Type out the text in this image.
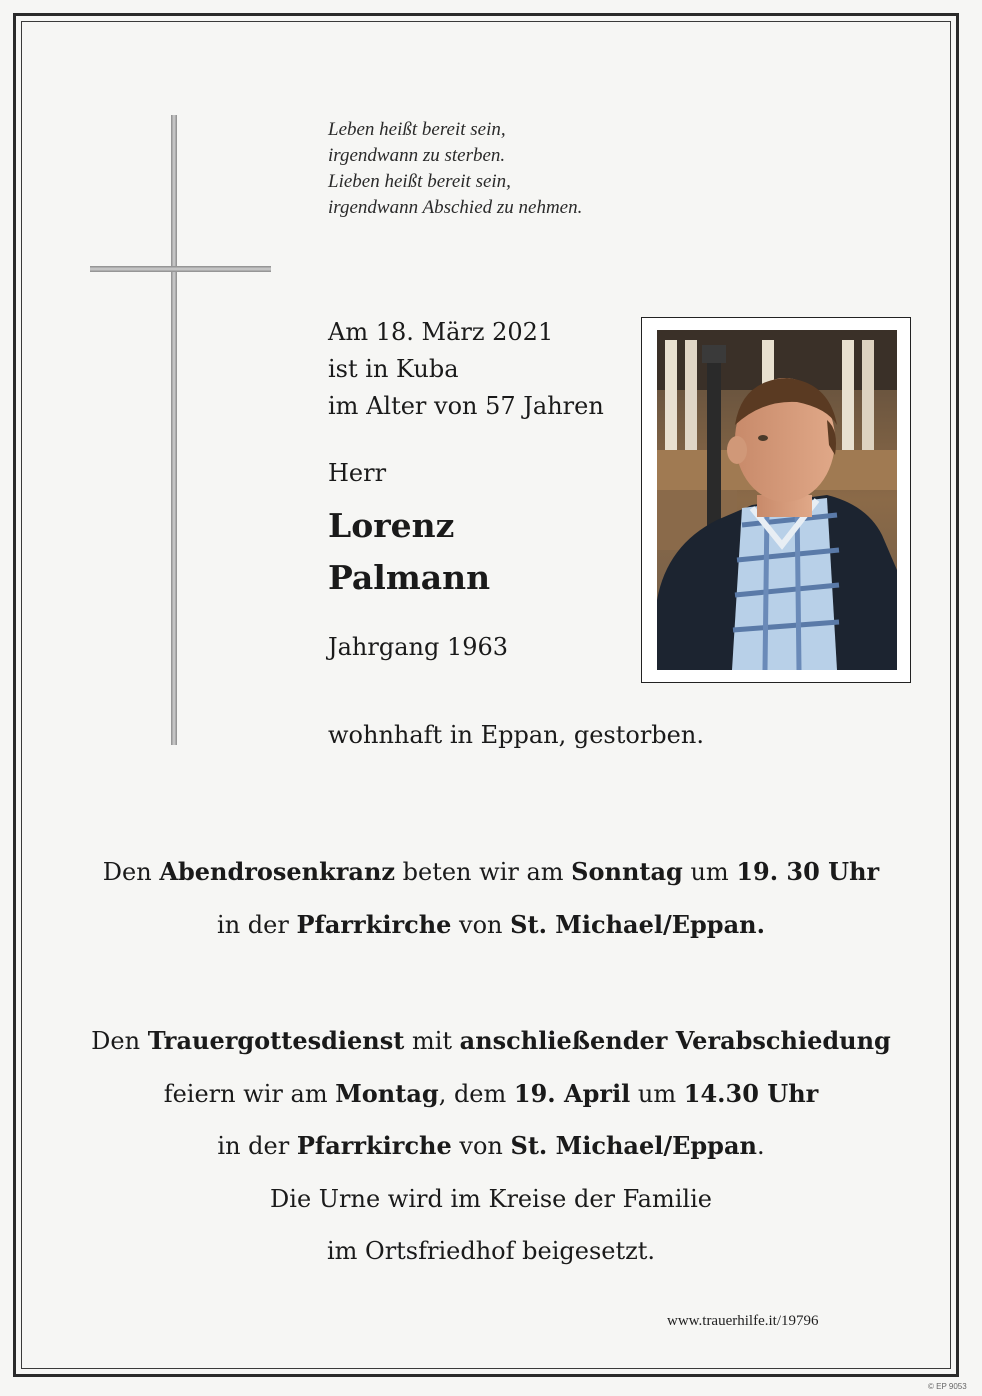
Leben heißt bereit sein,
irgendwann zu sterben.
Lieben heißt bereit sein,
irgendwann Abschied zu nehmen.
Am 18. März 2021
ist in Kuba
im Alter von 57 Jahren
Herr
Lorenz
Palmann
Jahrgang 1963
wohnhaft in Eppan, gestorben.
Den Abendrosenkranz beten wir am Sonntag um 19. 30 Uhr
in der Pfarrkirche von St. Michael/Eppan.
Den Trauergottesdienst mit anschließender Verabschiedung
feiern wir am Montag, dem 19. April um 14.30 Uhr
in der Pfarrkirche von St. Michael/Eppan.
Die Urne wird im Kreise der Familie
im Ortsfriedhof beigesetzt.
www.trauerhilfe.it/19796
© EP 9053
